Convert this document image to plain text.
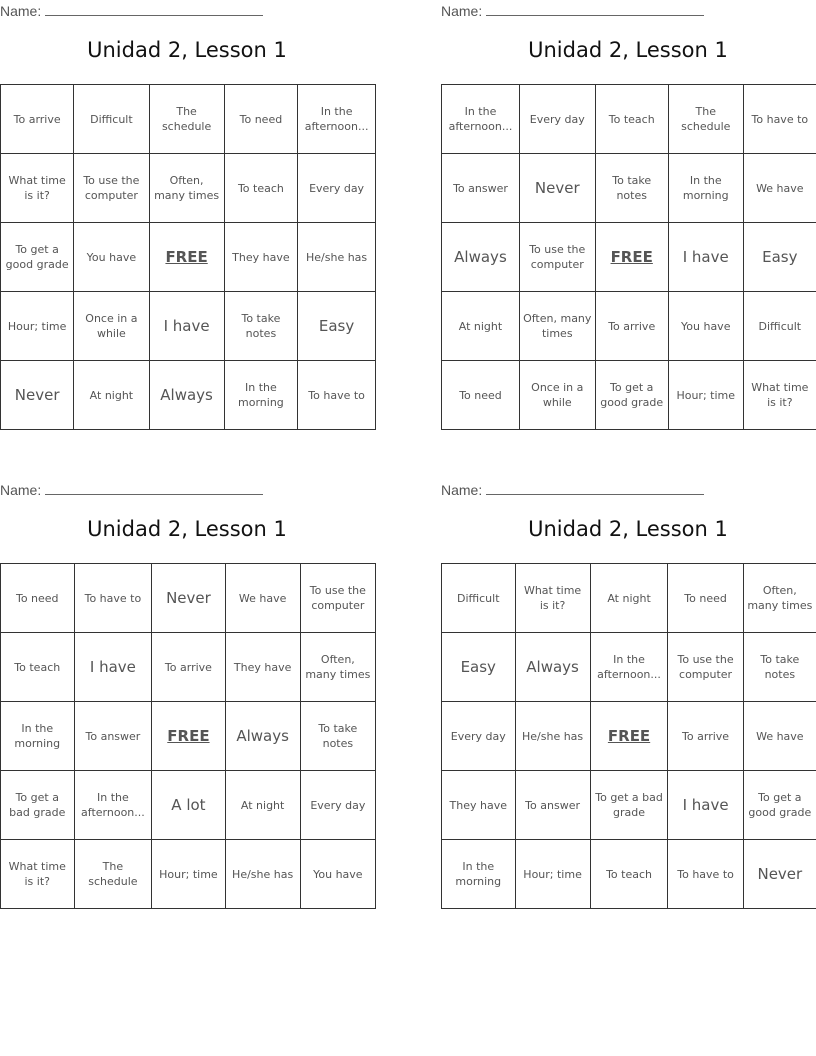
Name:
Unidad 2, Lesson 1
To arrive	Difficult	The schedule	To need	In the afternoon...
What time is it?	To use the computer	Often, many times	To teach	Every day
To get a good grade	You have	FREE	They have	He/she has
Hour; time	Once in a while	I have	To take notes	Easy
Never	At night	Always	In the morning	To have to
Name:
Unidad 2, Lesson 1
In the afternoon...	Every day	To teach	The schedule	To have to
To answer	Never	To take notes	In the morning	We have
Always	To use the computer	FREE	I have	Easy
At night	Often, many times	To arrive	You have	Difficult
To need	Once in a while	To get a good grade	Hour; time	What time is it?
Name:
Unidad 2, Lesson 1
To need	To have to	Never	We have	To use the computer
To teach	I have	To arrive	They have	Often, many times
In the morning	To answer	FREE	Always	To take notes
To get a bad grade	In the afternoon...	A lot	At night	Every day
What time is it?	The schedule	Hour; time	He/she has	You have
Name:
Unidad 2, Lesson 1
Difficult	What time is it?	At night	To need	Often, many times
Easy	Always	In the afternoon...	To use the computer	To take notes
Every day	He/she has	FREE	To arrive	We have
They have	To answer	To get a bad grade	I have	To get a good grade
In the morning	Hour; time	To teach	To have to	Never
